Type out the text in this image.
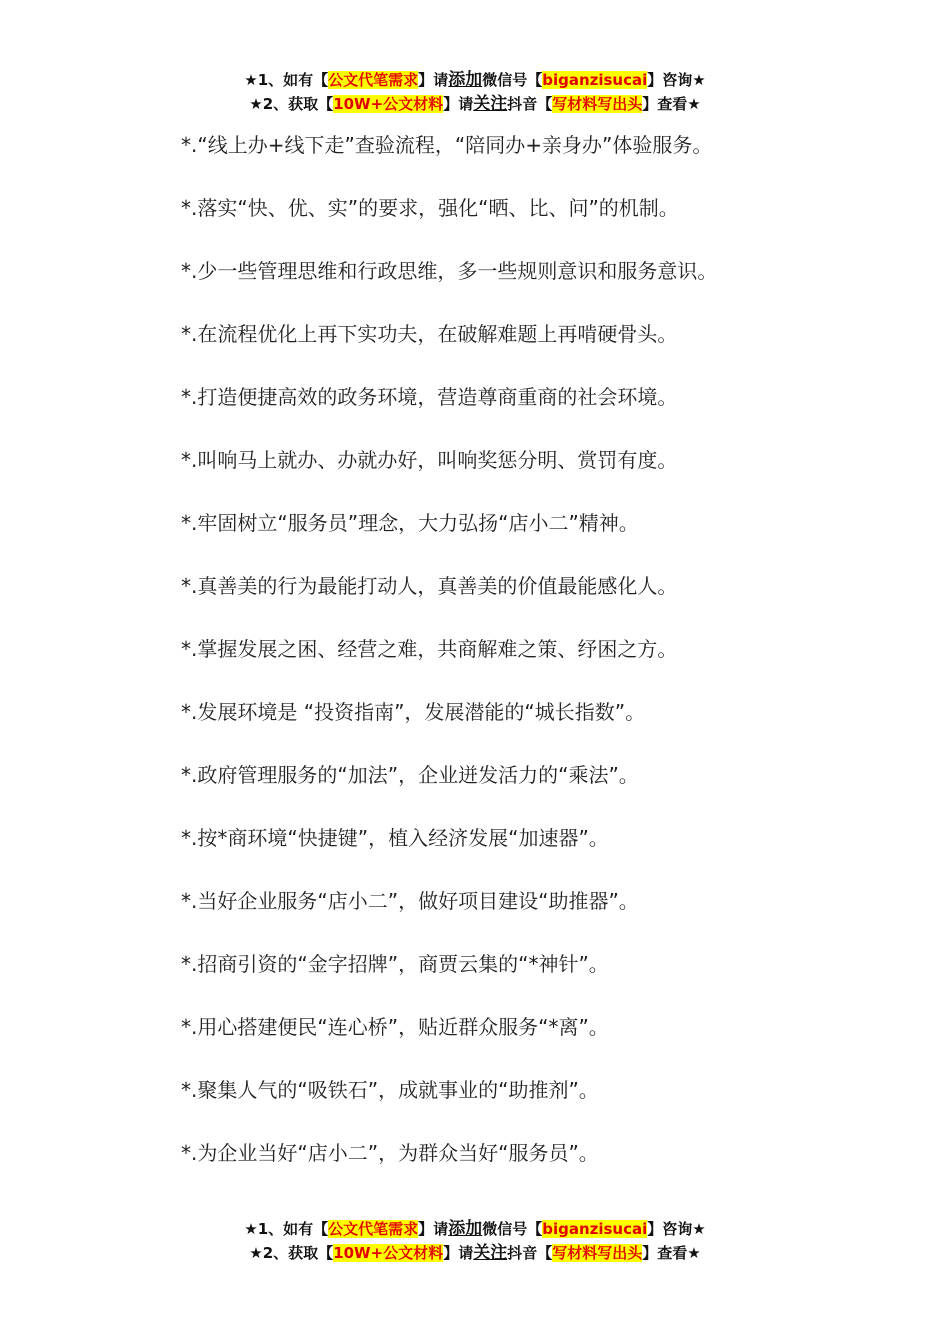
★1、如有【公文代笔需求】请添加微信号【biganzisucai】咨询★
★2、获取【10W+公文材料】请关注抖音【写材料写出头】查看★
*.“线上办+线下走”查验流程，“陪同办+亲身办”体验服务。
*.落实“快、优、实”的要求，强化“晒、比、问”的机制。
*.少一些管理思维和行政思维，多一些规则意识和服务意识。
*.在流程优化上再下实功夫，在破解难题上再啃硬骨头。
*.打造便捷高效的政务环境，营造尊商重商的社会环境。
*.叫响马上就办、办就办好，叫响奖惩分明、赏罚有度。
*.牢固树立“服务员”理念，大力弘扬“店小二”精神。
*.真善美的行为最能打动人，真善美的价值最能感化人。
*.掌握发展之困、经营之难，共商解难之策、纾困之方。
*.发展环境是 “投资指南”，发展潜能的“城长指数”。
*.政府管理服务的“加法”，企业迸发活力的“乘法”。
*.按*商环境“快捷键”，植入经济发展“加速器”。
*.当好企业服务“店小二”，做好项目建设“助推器”。
*.招商引资的“金字招牌”，商贾云集的“*神针”。
*.用心搭建便民“连心桥”，贴近群众服务“*离”。
*.聚集人气的“吸铁石”，成就事业的“助推剂”。
*.为企业当好“店小二”，为群众当好“服务员”。
★1、如有【公文代笔需求】请添加微信号【biganzisucai】咨询★
★2、获取【10W+公文材料】请关注抖音【写材料写出头】查看★
